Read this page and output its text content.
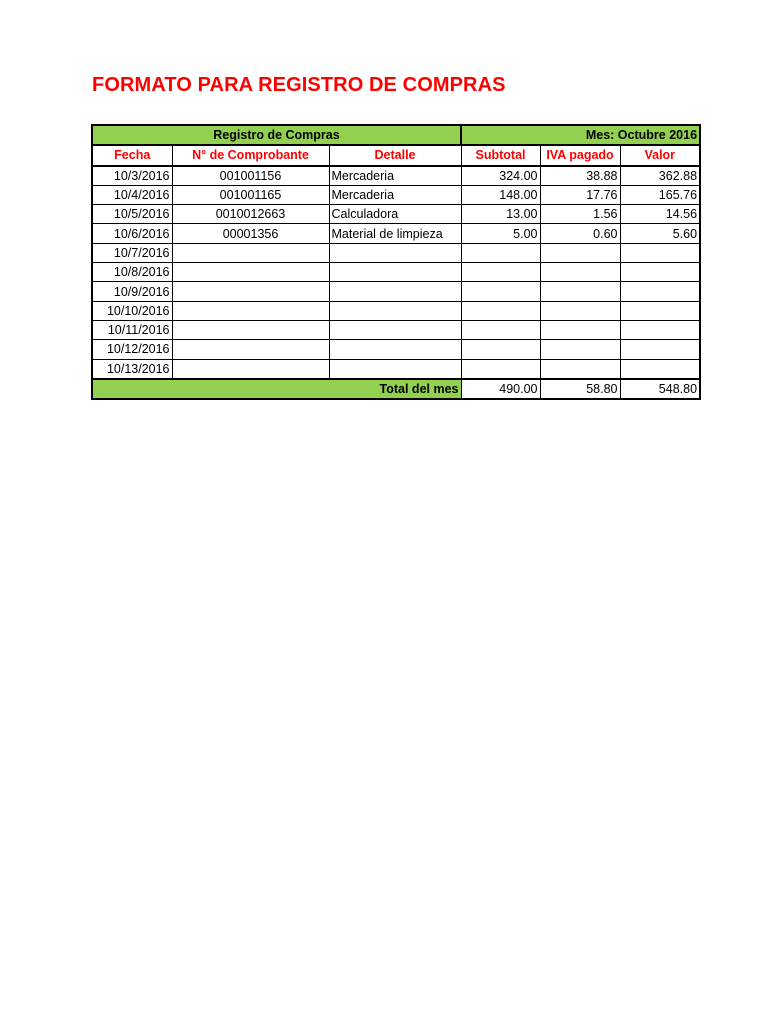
FORMATO PARA REGISTRO DE COMPRAS
Registro de Compras			Mes: Octubre 2016		
Fecha	N° de Comprobante	Detalle	Subtotal	IVA pagado	Valor
10/3/2016	001001156	Mercaderia	324.00	38.88	362.88
10/4/2016	001001165	Mercaderia	148.00	17.76	165.76
10/5/2016	0010012663	Calculadora	13.00	1.56	14.56
10/6/2016	00001356	Material de limpieza	5.00	0.60	5.60
10/7/2016					
10/8/2016					
10/9/2016					
10/10/2016					
10/11/2016					
10/12/2016					
10/13/2016					
Total del mes			490.00	58.80	548.80
